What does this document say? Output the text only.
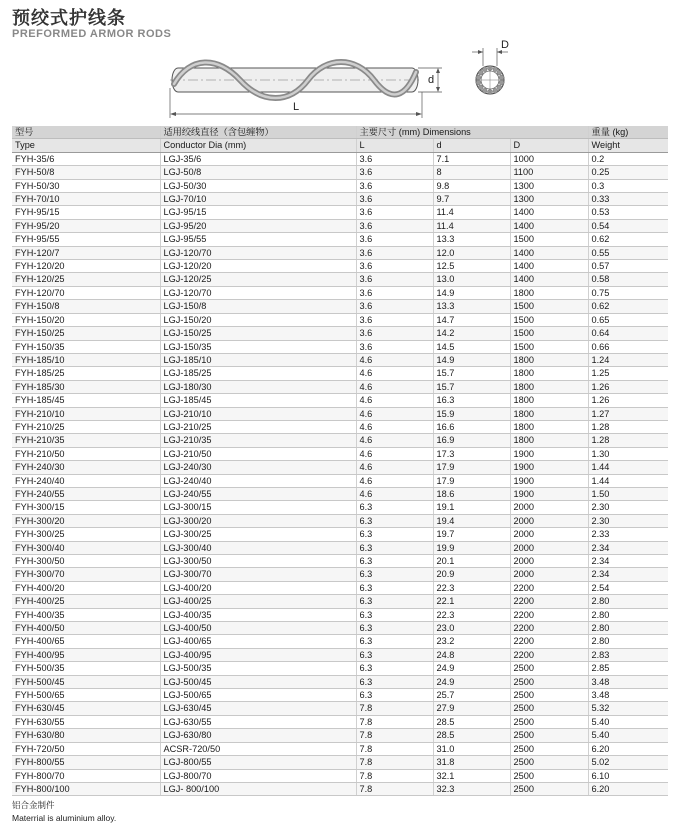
预绞式护线条
PREFORMED ARMOR RODS
L
d
D
型号	适用绞线直径（含包缠物）	主要尺寸 (mm) Dimensions			重量 (kg)
Type	Conductor Dia (mm)	L	d	D	Weight
FYH-35/6	LGJ-35/6	3.6	7.1	1000	0.2
FYH-50/8	LGJ-50/8	3.6	8	1100	0.25
FYH-50/30	LGJ-50/30	3.6	9.8	1300	0.3
FYH-70/10	LGJ-70/10	3.6	9.7	1300	0.33
FYH-95/15	LGJ-95/15	3.6	11.4	1400	0.53
FYH-95/20	LGJ-95/20	3.6	11.4	1400	0.54
FYH-95/55	LGJ-95/55	3.6	13.3	1500	0.62
FYH-120/7	LGJ-120/70	3.6	12.0	1400	0.55
FYH-120/20	LGJ-120/20	3.6	12.5	1400	0.57
FYH-120/25	LGJ-120/25	3.6	13.0	1400	0.58
FYH-120/70	LGJ-120/70	3.6	14.9	1800	0.75
FYH-150/8	LGJ-150/8	3.6	13.3	1500	0.62
FYH-150/20	LGJ-150/20	3.6	14.7	1500	0.65
FYH-150/25	LGJ-150/25	3.6	14.2	1500	0.64
FYH-150/35	LGJ-150/35	3.6	14.5	1500	0.66
FYH-185/10	LGJ-185/10	4.6	14.9	1800	1.24
FYH-185/25	LGJ-185/25	4.6	15.7	1800	1.25
FYH-185/30	LGJ-180/30	4.6	15.7	1800	1.26
FYH-185/45	LGJ-185/45	4.6	16.3	1800	1.26
FYH-210/10	LGJ-210/10	4.6	15.9	1800	1.27
FYH-210/25	LGJ-210/25	4.6	16.6	1800	1.28
FYH-210/35	LGJ-210/35	4.6	16.9	1800	1.28
FYH-210/50	LGJ-210/50	4.6	17.3	1900	1.30
FYH-240/30	LGJ-240/30	4.6	17.9	1900	1.44
FYH-240/40	LGJ-240/40	4.6	17.9	1900	1.44
FYH-240/55	LGJ-240/55	4.6	18.6	1900	1.50
FYH-300/15	LGJ-300/15	6.3	19.1	2000	2.30
FYH-300/20	LGJ-300/20	6.3	19.4	2000	2.30
FYH-300/25	LGJ-300/25	6.3	19.7	2000	2.33
FYH-300/40	LGJ-300/40	6.3	19.9	2000	2.34
FYH-300/50	LGJ-300/50	6.3	20.1	2000	2.34
FYH-300/70	LGJ-300/70	6.3	20.9	2000	2.34
FYH-400/20	LGJ-400/20	6.3	22.3	2200	2.54
FYH-400/25	LGJ-400/25	6.3	22.1	2200	2.80
FYH-400/35	LGJ-400/35	6.3	22.3	2200	2.80
FYH-400/50	LGJ-400/50	6.3	23.0	2200	2.80
FYH-400/65	LGJ-400/65	6.3	23.2	2200	2.80
FYH-400/95	LGJ-400/95	6.3	24.8	2200	2.83
FYH-500/35	LGJ-500/35	6.3	24.9	2500	2.85
FYH-500/45	LGJ-500/45	6.3	24.9	2500	3.48
FYH-500/65	LGJ-500/65	6.3	25.7	2500	3.48
FYH-630/45	LGJ-630/45	7.8	27.9	2500	5.32
FYH-630/55	LGJ-630/55	7.8	28.5	2500	5.40
FYH-630/80	LGJ-630/80	7.8	28.5	2500	5.40
FYH-720/50	ACSR-720/50	7.8	31.0	2500	6.20
FYH-800/55	LGJ-800/55	7.8	31.8	2500	5.02
FYH-800/70	LGJ-800/70	7.8	32.1	2500	6.10
FYH-800/100	LGJ- 800/100	7.8	32.3	2500	6.20
铝合金制件
Materrial is aluminium alloy.
